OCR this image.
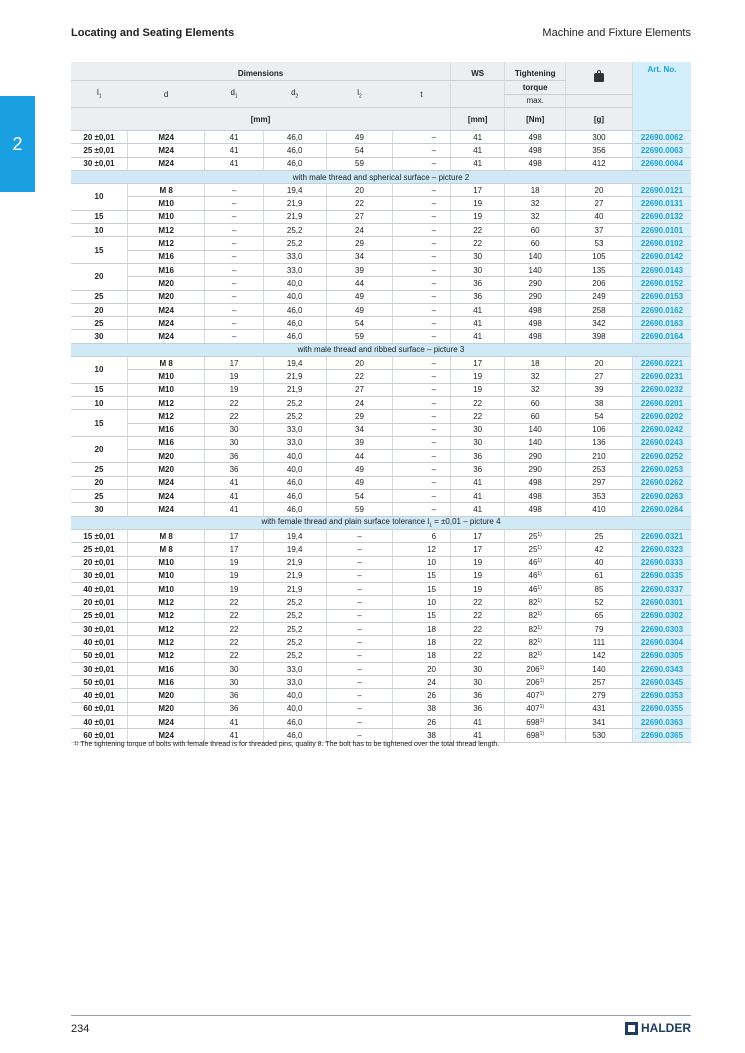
Locating and Seating Elements	Machine and Fixture Elements
2
Dimensions						WS	Tightening		Art. No.
$l_1$	d	$d_1$	$d_2$	$l_2$	t		torque		
							max.		
[mm]						[mm]	[Nm]	[g]	
20 ±0,01	M24	41	46,0	49	–	41	498	300	22690.0062
25 ±0,01	M24	41	46,0	54	–	41	498	356	22690.0063
30 ±0,01	M24	41	46,0	59	–	41	498	412	22690.0064
with male thread and spherical surface – picture 2									
10	M 8	–	19,4	20	–	17	18	20	22690.0121
	M10	–	21,9	22	–	19	32	27	22690.0131
15	M10	–	21,9	27	–	19	32	40	22690.0132
10	M12	–	25,2	24	–	22	60	37	22690.0101
15	M12	–	25,2	29	–	22	60	53	22690.0102
	M16	–	33,0	34	–	30	140	105	22690.0142
20	M16	–	33,0	39	–	30	140	135	22690.0143
	M20	–	40,0	44	–	36	290	206	22690.0152
25	M20	–	40,0	49	–	36	290	249	22690.0153
20	M24	–	46,0	49	–	41	498	258	22690.0162
25	M24	–	46,0	54	–	41	498	342	22690.0163
30	M24	–	46,0	59	–	41	498	398	22690.0164
with male thread and ribbed surface – picture 3									
10	M 8	17	19,4	20	–	17	18	20	22690.0221
	M10	19	21,9	22	–	19	32	27	22690.0231
15	M10	19	21,9	27	–	19	32	39	22690.0232
10	M12	22	25,2	24	–	22	60	38	22690.0201
15	M12	22	25,2	29	–	22	60	54	22690.0202
	M16	30	33,0	34	–	30	140	106	22690.0242
20	M16	30	33,0	39	–	30	140	136	22690.0243
	M20	36	40,0	44	–	36	290	210	22690.0252
25	M20	36	40,0	49	–	36	290	253	22690.0253
20	M24	41	46,0	49	–	41	498	297	22690.0262
25	M24	41	46,0	54	–	41	498	353	22690.0263
30	M24	41	46,0	59	–	41	498	410	22690.0264
with female thread and plain surface tolerance $l_1 = \pm 0,01$ – picture 4									
15 ±0,01	M 8	17	19,4	–	6	17	25$^{1)}$	25	22690.0321
25 ±0,01	M 8	17	19,4	–	12	17	25$^{1)}$	42	22690.0323
20 ±0,01	M10	19	21,9	–	10	19	46$^{1)}$	40	22690.0333
30 ±0,01	M10	19	21,9	–	15	19	46$^{1)}$	61	22690.0335
40 ±0,01	M10	19	21,9	–	15	19	46$^{1)}$	85	22690.0337
20 ±0,01	M12	22	25,2	–	10	22	82$^{1)}$	52	22690.0301
25 ±0,01	M12	22	25,2	–	15	22	82$^{1)}$	65	22690.0302
30 ±0,01	M12	22	25,2	–	18	22	82$^{1)}$	79	22690.0303
40 ±0,01	M12	22	25,2	–	18	22	82$^{1)}$	111	22690.0304
50 ±0,01	M12	22	25,2	–	18	22	82$^{1)}$	142	22690.0305
30 ±0,01	M16	30	33,0	–	20	30	206$^{1)}$	140	22690.0343
50 ±0,01	M16	30	33,0	–	24	30	206$^{1)}$	257	22690.0345
40 ±0,01	M20	36	40,0	–	26	36	407$^{1)}$	279	22690.0353
60 ±0,01	M20	36	40,0	–	38	36	407$^{1)}$	431	22690.0355
40 ±0,01	M24	41	46,0	–	26	41	698$^{1)}$	341	22690.0363
60 ±0,01	M24	41	46,0	–	38	41	698$^{1)}$	530	22690.0365
$^{1)}$ The tightening torque of bolts with female thread is for threaded pins, quality 8. The bolt has to be tightened over the total thread length.
234	HALDER
